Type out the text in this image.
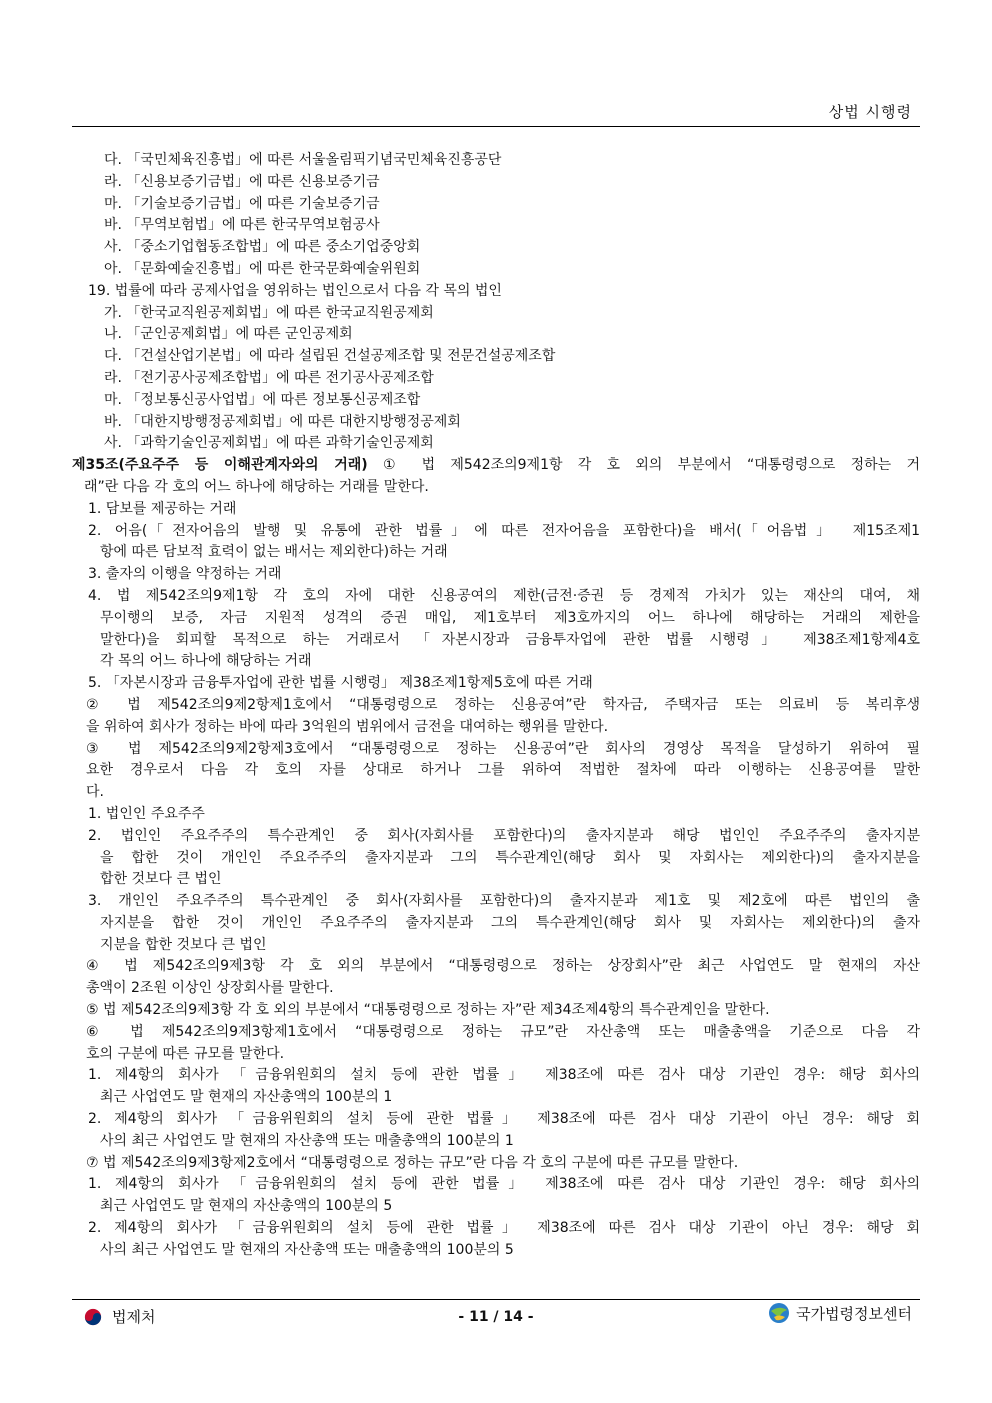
상법 시행령
다. 「국민체육진흥법」에 따른 서울올림픽기념국민체육진흥공단
라. 「신용보증기금법」에 따른 신용보증기금
마. 「기술보증기금법」에 따른 기술보증기금
바. 「무역보험법」에 따른 한국무역보험공사
사. 「중소기업협동조합법」에 따른 중소기업중앙회
아. 「문화예술진흥법」에 따른 한국문화예술위원회
19. 법률에 따라 공제사업을 영위하는 법인으로서 다음 각 목의 법인
가. 「한국교직원공제회법」에 따른 한국교직원공제회
나. 「군인공제회법」에 따른 군인공제회
다. 「건설산업기본법」에 따라 설립된 건설공제조합 및 전문건설공제조합
라. 「전기공사공제조합법」에 따른 전기공사공제조합
마. 「정보통신공사업법」에 따른 정보통신공제조합
바. 「대한지방행정공제회법」에 따른 대한지방행정공제회
사. 「과학기술인공제회법」에 따른 과학기술인공제회
제35조(주요주주 등 이해관계자와의 거래) ① 법 제542조의9제1항 각 호 외의 부분에서 “대통령령으로 정하는 거
래”란 다음 각 호의 어느 하나에 해당하는 거래를 말한다.
1. 담보를 제공하는 거래
2. 어음(「전자어음의 발행 및 유통에 관한 법률」에 따른 전자어음을 포함한다)을 배서(「어음법」 제15조제1
항에 따른 담보적 효력이 없는 배서는 제외한다)하는 거래
3. 출자의 이행을 약정하는 거래
4. 법 제542조의9제1항 각 호의 자에 대한 신용공여의 제한(금전·증권 등 경제적 가치가 있는 재산의 대여, 채
무이행의 보증, 자금 지원적 성격의 증권 매입, 제1호부터 제3호까지의 어느 하나에 해당하는 거래의 제한을
말한다)을 회피할 목적으로 하는 거래로서 「자본시장과 금융투자업에 관한 법률 시행령」 제38조제1항제4호
각 목의 어느 하나에 해당하는 거래
5. 「자본시장과 금융투자업에 관한 법률 시행령」 제38조제1항제5호에 따른 거래
② 법 제542조의9제2항제1호에서 “대통령령으로 정하는 신용공여”란 학자금, 주택자금 또는 의료비 등 복리후생
을 위하여 회사가 정하는 바에 따라 3억원의 범위에서 금전을 대여하는 행위를 말한다.
③ 법 제542조의9제2항제3호에서 “대통령령으로 정하는 신용공여”란 회사의 경영상 목적을 달성하기 위하여 필
요한 경우로서 다음 각 호의 자를 상대로 하거나 그를 위하여 적법한 절차에 따라 이행하는 신용공여를 말한
다.
1. 법인인 주요주주
2. 법인인 주요주주의 특수관계인 중 회사(자회사를 포함한다)의 출자지분과 해당 법인인 주요주주의 출자지분
을 합한 것이 개인인 주요주주의 출자지분과 그의 특수관계인(해당 회사 및 자회사는 제외한다)의 출자지분을
합한 것보다 큰 법인
3. 개인인 주요주주의 특수관계인 중 회사(자회사를 포함한다)의 출자지분과 제1호 및 제2호에 따른 법인의 출
자지분을 합한 것이 개인인 주요주주의 출자지분과 그의 특수관계인(해당 회사 및 자회사는 제외한다)의 출자
지분을 합한 것보다 큰 법인
④ 법 제542조의9제3항 각 호 외의 부분에서 “대통령령으로 정하는 상장회사”란 최근 사업연도 말 현재의 자산
총액이 2조원 이상인 상장회사를 말한다.
⑤ 법 제542조의9제3항 각 호 외의 부분에서 “대통령령으로 정하는 자”란 제34조제4항의 특수관계인을 말한다.
⑥ 법 제542조의9제3항제1호에서 “대통령령으로 정하는 규모”란 자산총액 또는 매출총액을 기준으로 다음 각
호의 구분에 따른 규모를 말한다.
1. 제4항의 회사가 「금융위원회의 설치 등에 관한 법률」 제38조에 따른 검사 대상 기관인 경우: 해당 회사의
최근 사업연도 말 현재의 자산총액의 100분의 1
2. 제4항의 회사가 「금융위원회의 설치 등에 관한 법률」 제38조에 따른 검사 대상 기관이 아닌 경우: 해당 회
사의 최근 사업연도 말 현재의 자산총액 또는 매출총액의 100분의 1
⑦ 법 제542조의9제3항제2호에서 “대통령령으로 정하는 규모”란 다음 각 호의 구분에 따른 규모를 말한다.
1. 제4항의 회사가 「금융위원회의 설치 등에 관한 법률」 제38조에 따른 검사 대상 기관인 경우: 해당 회사의
최근 사업연도 말 현재의 자산총액의 100분의 5
2. 제4항의 회사가 「금융위원회의 설치 등에 관한 법률」 제38조에 따른 검사 대상 기관이 아닌 경우: 해당 회
사의 최근 사업연도 말 현재의 자산총액 또는 매출총액의 100분의 5
법제처	- 11 / 14 -	국가법령정보센터
